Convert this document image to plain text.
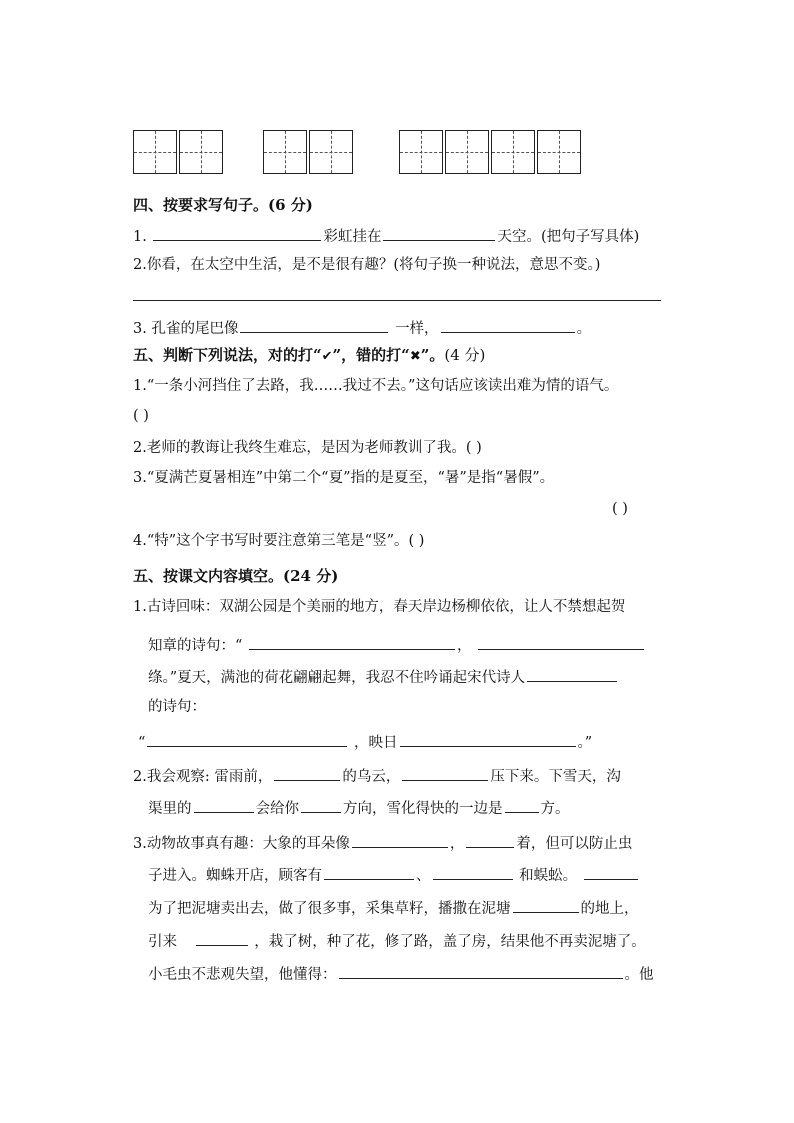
四、按要求写句子。(6 分)
1.	彩虹挂在	天空。(把句子写具体)
2.你看，在太空中生活，是不是很有趣？(将句子换一种说法，意思不变。)
3. 孔雀的尾巴像	一样，	。
五、判断下列说法，对的打“✔”，错的打“✖”。(4 分)
1.“一条小河挡住了去路，我……我过不去。”这句话应该读出难为情的语气。
( )
2.老师的教诲让我终生难忘，是因为老师教训了我。( )
3.“夏满芒夏暑相连”中第二个“夏”指的是夏至，“暑”是指“暑假”。
( )
4.“特”这个字书写时要注意第三笔是“竖”。( )
五、按课文内容填空。(24 分)
1.古诗回味：双湖公园是个美丽的地方，春天岸边杨柳依依，让人不禁想起贺
知章的诗句：“	，
绦。”夏天，满池的荷花翩翩起舞，我忍不住吟诵起宋代诗人
的诗句：
“	，映日	。”
2.我会观察: 雷雨前，	的乌云，	压下来。下雪天，沟
渠里的	会给你	方向，雪化得快的一边是	方。
3.动物故事真有趣：大象的耳朵像	，	着，但可以防止虫
子进入。蜘蛛开店，顾客有	、	和蜈蚣。
为了把泥塘卖出去，做了很多事，采集草籽，播撒在泥塘	的地上，
引来	，栽了树，种了花，修了路，盖了房，结果他不再卖泥塘了。
小毛虫不悲观失望，他懂得：	。他
